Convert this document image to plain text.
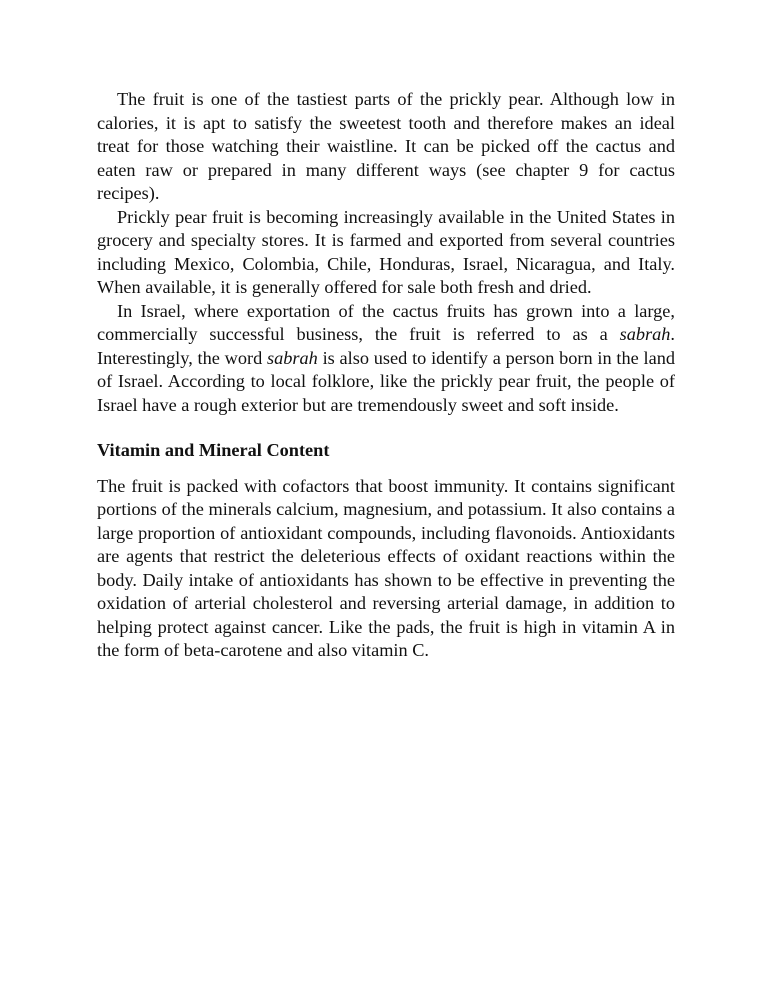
The fruit is one of the tastiest parts of the prickly pear. Although low in calories, it is apt to satisfy the sweetest tooth and therefore makes an ideal treat for those watching their waistline. It can be picked off the cactus and eaten raw or prepared in many different ways (see chapter 9 for cactus recipes).

Prickly pear fruit is becoming increasingly available in the United States in grocery and specialty stores. It is farmed and exported from several countries including Mexico, Colombia, Chile, Honduras, Israel, Nicaragua, and Italy. When available, it is generally offered for sale both fresh and dried.

In Israel, where exportation of the cactus fruits has grown into a large, commercially successful business, the fruit is referred to as a sabrah. Interestingly, the word sabrah is also used to identify a person born in the land of Israel. According to local folklore, like the prickly pear fruit, the people of Israel have a rough exterior but are tremendously sweet and soft inside.

Vitamin and Mineral Content

The fruit is packed with cofactors that boost immunity. It contains significant portions of the minerals calcium, magnesium, and potassium. It also contains a large proportion of antioxidant compounds, including flavonoids. Antioxidants are agents that restrict the deleterious effects of oxidant reactions within the body. Daily intake of antioxidants has shown to be effective in preventing the oxidation of arterial cholesterol and reversing arterial damage, in addition to helping protect against cancer. Like the pads, the fruit is high in vitamin A in the form of beta-carotene and also vitamin C.
